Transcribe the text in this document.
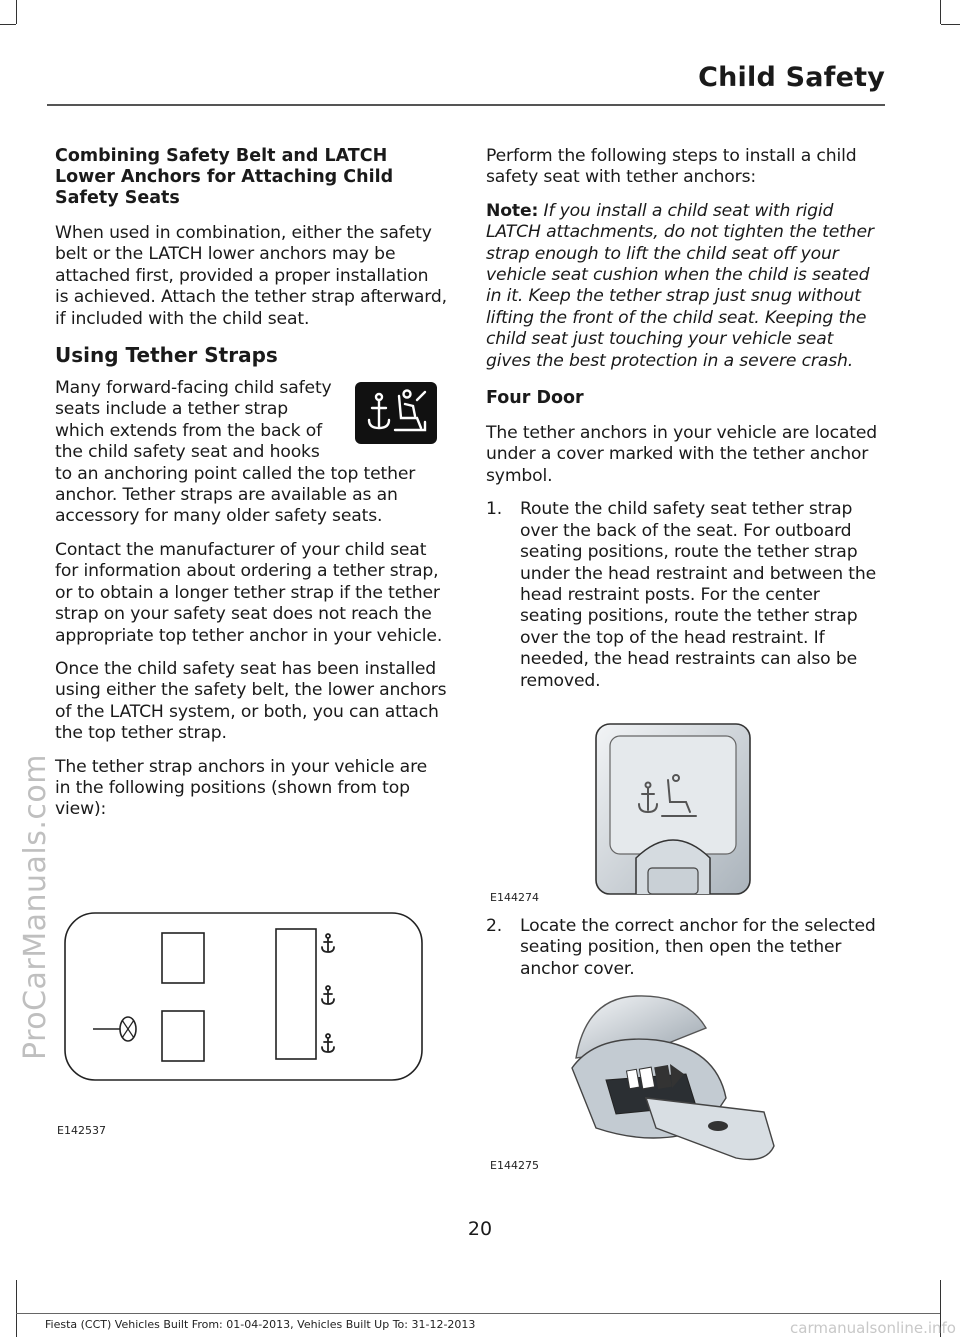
Child Safety
ProCarManuals.com
Combining Safety Belt and LATCH Lower Anchors for Attaching Child Safety Seats

When used in combination, either the safety belt or the LATCH lower anchors may be attached first, provided a proper installation is achieved. Attach the tether strap afterward, if included with the child seat.

Using Tether Straps

Many forward-facing child safety seats include a tether strap which extends from the back of the child safety seat and hooks to an anchoring point called the top tether anchor. Tether straps are available as an accessory for many older safety seats.

Contact the manufacturer of your child seat for information about ordering a tether strap, or to obtain a longer tether strap if the tether strap on your safety seat does not reach the appropriate top tether anchor in your vehicle.

Once the child safety seat has been installed using either the safety belt, the lower anchors of the LATCH system, or both, you can attach the top tether strap.

The tether strap anchors in your vehicle are in the following positions (shown from top view):

E142537

Perform the following steps to install a child safety seat with tether anchors:

Note: If you install a child seat with rigid LATCH attachments, do not tighten the tether strap enough to lift the child seat off your vehicle seat cushion when the child is seated in it. Keep the tether strap just snug without lifting the front of the child seat. Keeping the child seat just touching your vehicle seat gives the best protection in a severe crash.

Four Door

The tether anchors in your vehicle are located under a cover marked with the tether anchor symbol.

1.	Route the child safety seat tether strap over the back of the seat. For outboard seating positions, route the tether strap under the head restraint and between the head restraint posts. For the center seating positions, route the tether strap over the top of the head restraint. If needed, the head restraints can also be removed.
E144274
2.	Locate the correct anchor for the selected seating position, then open the tether anchor cover.
E144275
20
Fiesta (CCT) Vehicles Built From: 01-04-2013, Vehicles Built Up To: 31-12-2013	carmanualsonline.info
